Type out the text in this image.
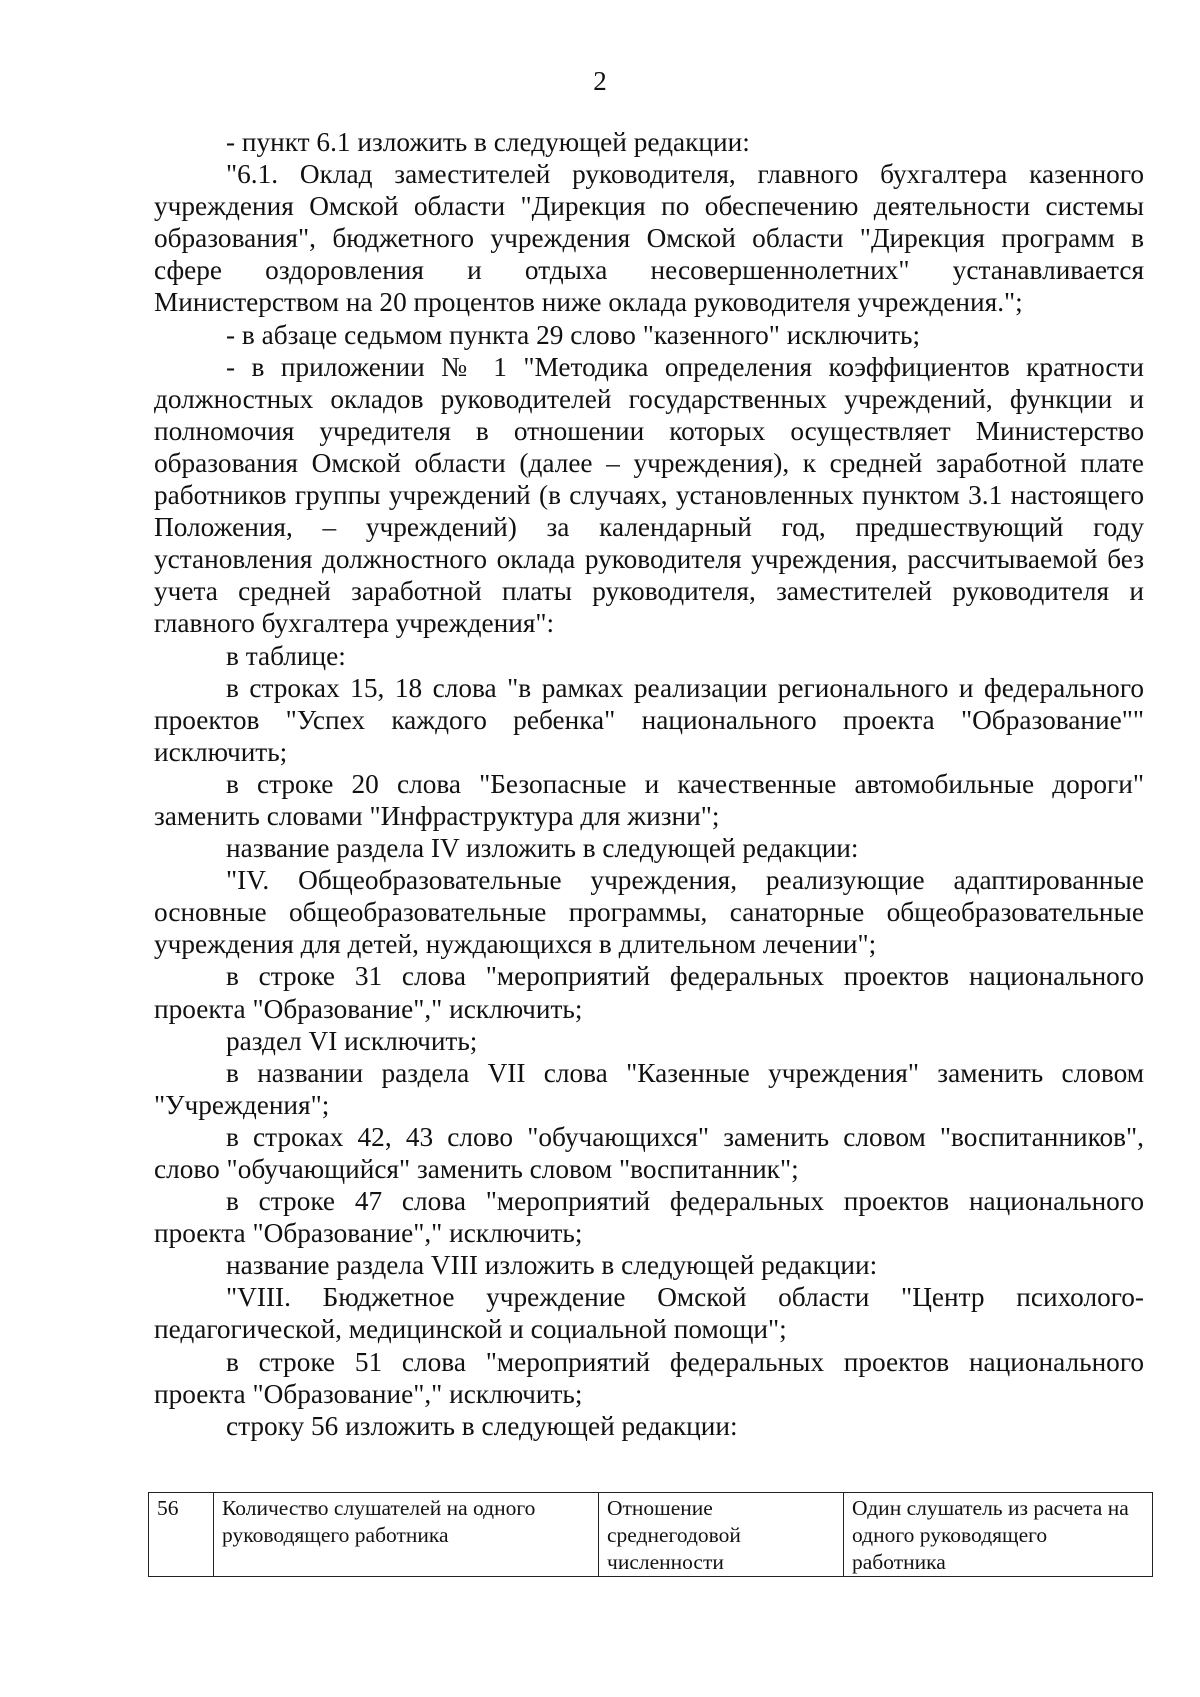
2

- пункт 6.1 изложить в следующей редакции:

"6.1. Оклад заместителей руководителя, главного бухгалтера казенного учреждения Омской области "Дирекция по обеспечению деятельности системы образования", бюджетного учреждения Омской области "Дирекция программ в сфере оздоровления и отдыха несовершеннолетних" устанавливается Министерством на 20 процентов ниже оклада руководителя учреждения.";

- в абзаце седьмом пункта 29 слово "казенного" исключить;

- в приложении № 1 "Методика определения коэффициентов кратности должностных окладов руководителей государственных учреждений, функции и полномочия учредителя в отношении которых осуществляет Министерство образования Омской области (далее – учреждения), к средней заработной плате работников группы учреждений (в случаях, установленных пунктом 3.1 настоящего Положения, – учреждений) за календарный год, предшествующий году установления должностного оклада руководителя учреждения, рассчитываемой без учета средней заработной платы руководителя, заместителей руководителя и главного бухгалтера учреждения":

в таблице:

в строках 15, 18 слова "в рамках реализации регионального и федерального проектов "Успех каждого ребенка" национального проекта "Образование"" исключить;

в строке 20 слова "Безопасные и качественные автомобильные дороги" заменить словами "Инфраструктура для жизни";

название раздела IV изложить в следующей редакции:

"IV. Общеобразовательные учреждения, реализующие адаптированные основные общеобразовательные программы, санаторные общеобразовательные учреждения для детей, нуждающихся в длительном лечении";

в строке 31 слова "мероприятий федеральных проектов национального проекта "Образование"," исключить;

раздел VI исключить;

в названии раздела VII слова "Казенные учреждения" заменить словом "Учреждения";

в строках 42, 43 слово "обучающихся" заменить словом "воспитанников", слово "обучающийся" заменить словом "воспитанник";

в строке 47 слова "мероприятий федеральных проектов национального проекта "Образование"," исключить;

название раздела VIII изложить в следующей редакции:

"VIII. Бюджетное учреждение Омской области "Центр психолого-педагогической, медицинской и социальной помощи";

в строке 51 слова "мероприятий федеральных проектов национального проекта "Образование"," исключить;

строку 56 изложить в следующей редакции:

56	Количество слушателей на одного руководящего работника	Отношение среднегодовой численности	Один слушатель из расчета на одного руководящего работника
